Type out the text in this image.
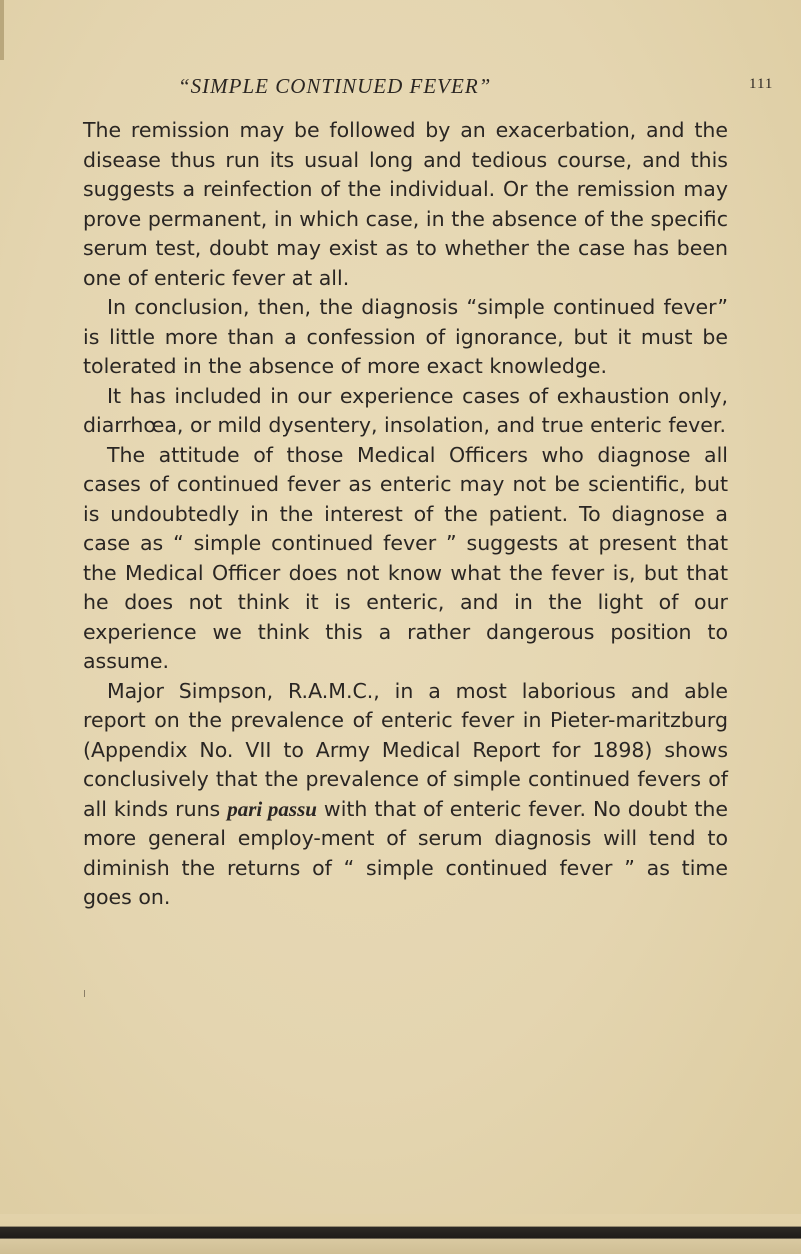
“SIMPLE CONTINUED FEVER”	111

The remission may be followed by an exacerbation, and the disease thus run its usual long and tedious course, and this suggests a reinfection of the individual. Or the remission may prove permanent, in which case, in the absence of the specific serum test, doubt may exist as to whether the case has been one of enteric fever at all.

In conclusion, then, the diagnosis “simple continued fever” is little more than a confession of ignorance, but it must be tolerated in the absence of more exact knowledge.

It has included in our experience cases of exhaustion only, diarrhœa, or mild dysentery, insolation, and true enteric fever.

The attitude of those Medical Officers who diagnose all cases of continued fever as enteric may not be scientific, but is undoubtedly in the interest of the patient. To diagnose a case as “ simple continued fever ” suggests at present that the Medical Officer does not know what the fever is, but that he does not think it is enteric, and in the light of our experience we think this a rather dangerous position to assume.

Major Simpson, R.A.M.C., in a most laborious and able report on the prevalence of enteric fever in Pieter-maritzburg (Appendix No. VII to Army Medical Report for 1898) shows conclusively that the prevalence of simple continued fevers of all kinds runs pari passu with that of enteric fever. No doubt the more general employ-ment of serum diagnosis will tend to diminish the returns of “ simple continued fever ” as time goes on.
